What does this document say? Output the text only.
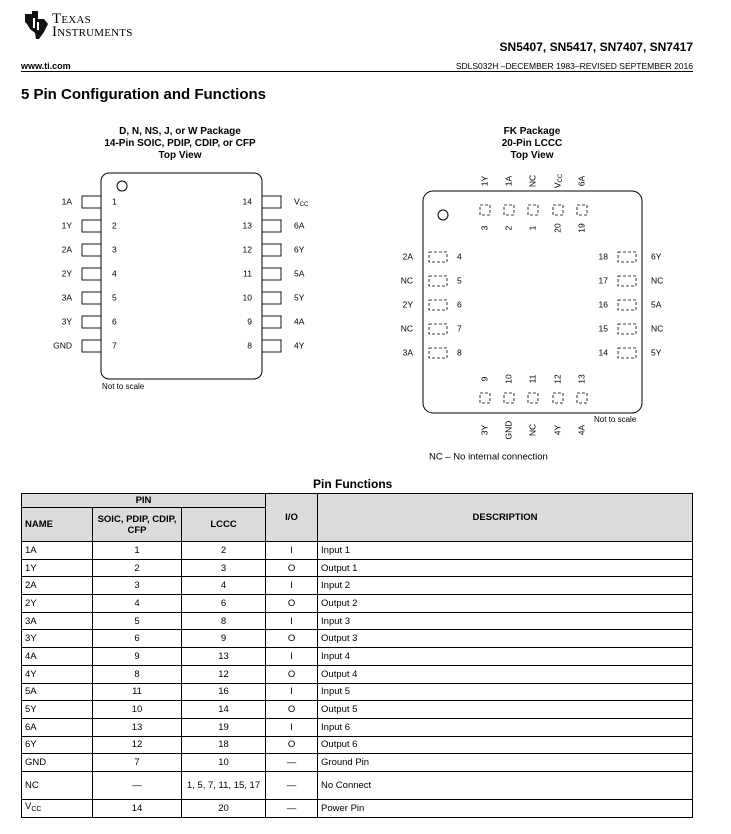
Texas
Instruments
SN5407, SN5417, SN7407, SN7417
www.ti.com	SDLS032H –DECEMBER 1983–REVISED SEPTEMBER 2016
5 Pin Configuration and Functions
D, N, NS, J, or W Package
14-Pin SOIC, PDIP, CDIP, or CFP
Top View
FK Package
20-Pin LCCC
Top View
1A	1
1Y	2
2A	3
2Y	4
3A	5
3Y	6
GND	7
$V_{CC}$
14
6A
13
6Y
12
5A
11
5Y
10
4A
9
4Y
8
Not to scale
1Y
3
1A
2
NC
1
$V_{CC}$
20
6A
19
3Y
9
GND
10
NC
11
4Y
12
4A
13
2A	4
NC	5
2Y	6
NC	7
3A	8
6Y
18
NC
17
5A
16
NC
15
5Y
14
Not to scale
NC – No internal connection
Pin Functions
PIN			I/O	DESCRIPTION
NAME	SOIC, PDIP, CDIP, CFP	LCCC		
1A	1	2	I	Input 1
1Y	2	3	O	Output 1
2A	3	4	I	Input 2
2Y	4	6	O	Output 2
3A	5	8	I	Input 3
3Y	6	9	O	Output 3
4A	9	13	I	Input 4
4Y	8	12	O	Output 4
5A	11	16	I	Input 5
5Y	10	14	O	Output 5
6A	13	19	I	Input 6
6Y	12	18	O	Output 6
GND	7	10	—	Ground Pin
NC	—	1, 5, 7, 11, 15, 17	—	No Connect
$V_{CC}$	14	20	—	Power Pin
